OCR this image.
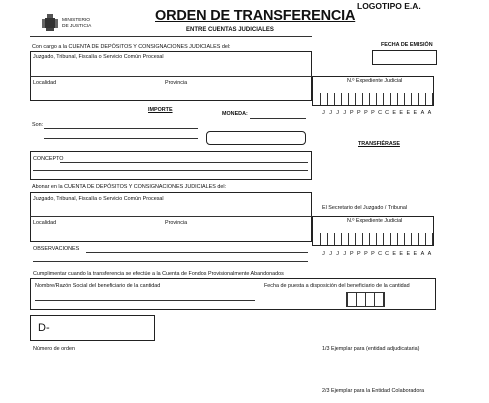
MINISTERIO
DE JUSTICIA
ORDEN DE TRANSFERENCIA
ENTRE CUENTAS JUDICIALES
LOGOTIPO E.A.
Con cargo a la CUENTA DE DEPÓSITOS Y CONSIGNACIONES JUDICIALES del:
Juzgado, Tribunal, Fiscalía o Servicio Común Procesal
Localidad	Provincia
FECHA DE EMISIÓN
N.º Expediente Judicial
J J J J P P P P C C E E E E A A
TRANSFIÉRASE
IMPORTE
MONEDA:
Son:
CONCEPTO
Abonar en la CUENTA DE DEPÓSITOS Y CONSIGNACIONES JUDICIALES del:
Juzgado, Tribunal, Fiscalía o Servicio Común Procesal
Localidad	Provincia
El Secretario del Juzgado / Tribunal
N.º Expediente Judicial
J J J J P P P P C C E E E E A A
OBSERVACIONES
Cumplimentar cuando la transferencia se efectúe a la Cuenta de Fondos Provisionalmente Abandonados
Nombre/Razón Social del beneficiario de la cantidad	Fecha de puesta a disposición del beneficiario de la cantidad
D-
Número de orden	1/3 Ejemplar para (entidad adjudicataria)
2/3 Ejemplar para la Entidad Colaboradora
